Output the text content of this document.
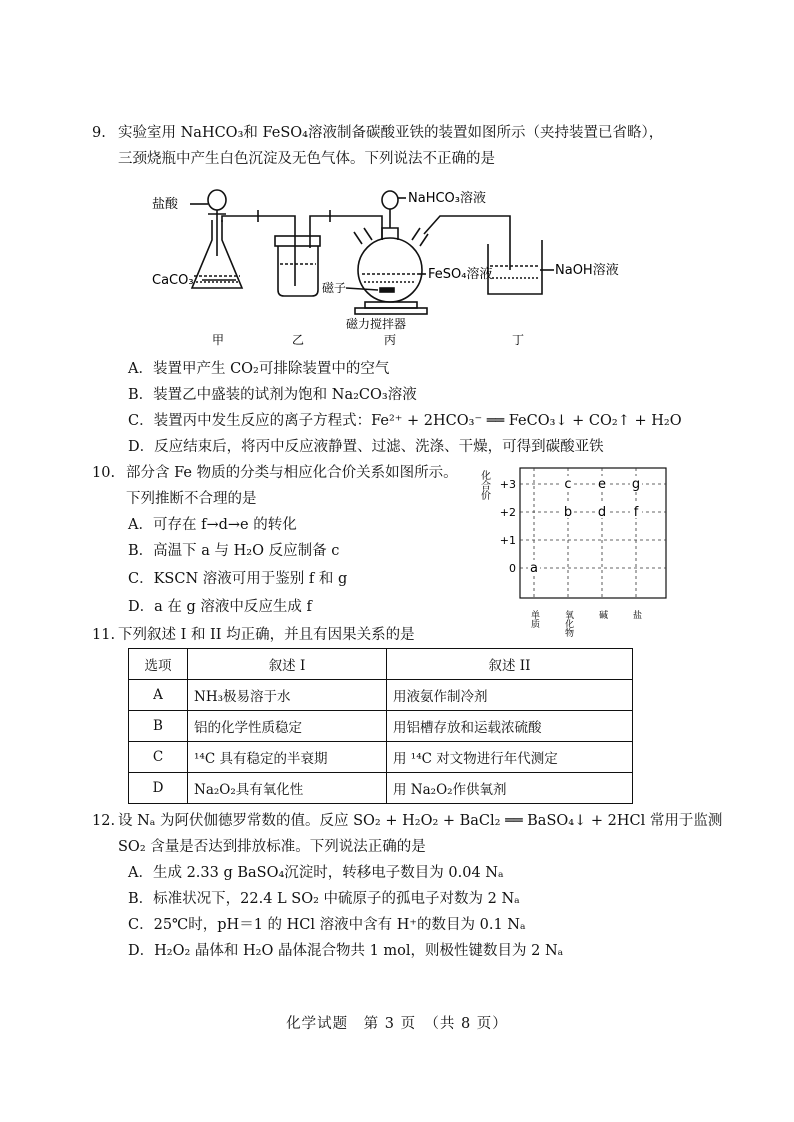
9. 实验室用 NaHCO₃和 FeSO₄溶液制备碳酸亚铁的装置如图所示（夹持装置已省略），
三颈烧瓶中产生白色沉淀及无色气体。下列说法不正确的是
盐酸
CaCO₃
NaHCO₃溶液
FeSO₄溶液	NaOH溶液
磁子
磁力搅拌器
甲	乙	丙	丁
A．装置甲产生 CO₂可排除装置中的空气
B．装置乙中盛装的试剂为饱和 Na₂CO₃溶液
C．装置丙中发生反应的离子方程式：Fe²⁺ + 2HCO₃⁻ ══ FeCO₃↓ + CO₂↑ + H₂O
D．反应结束后，将丙中反应液静置、过滤、洗涤、干燥，可得到碳酸亚铁
10. 部分含 Fe 物质的分类与相应化合价关系如图所示。
下列推断不合理的是
A．可存在 f→d→e 的转化
B．高温下 a 与 H₂O 反应制备 c
C．KSCN 溶液可用于鉴别 f 和 g
D．a 在 g 溶液中反应生成 f
化合价 +3
+2
+1
0
单质	氧化物	碱	盐
a
b
c
d
e
f
g
11. 下列叙述 I 和 II 均正确，并且有因果关系的是
选项	叙述 I	叙述 II
A	NH₃极易溶于水	用液氨作制冷剂
B	铝的化学性质稳定	用铝槽存放和运载浓硫酸
C	¹⁴C 具有稳定的半衰期	用 ¹⁴C 对文物进行年代测定
D	Na₂O₂具有氧化性	用 Na₂O₂作供氧剂
12. 设 Nₐ 为阿伏伽德罗常数的值。反应 SO₂ + H₂O₂ + BaCl₂ ══ BaSO₄↓ + 2HCl 常用于监测
SO₂ 含量是否达到排放标准。下列说法正确的是
A．生成 2.33 g BaSO₄沉淀时，转移电子数目为 0.04 Nₐ
B．标准状况下，22.4 L SO₂ 中硫原子的孤电子对数为 2 Nₐ
C．25℃时，pH＝1 的 HCl 溶液中含有 H⁺的数目为 0.1 Nₐ
D．H₂O₂ 晶体和 H₂O 晶体混合物共 1 mol，则极性键数目为 2 Nₐ
化学试题　第 3 页　（共 8 页）
